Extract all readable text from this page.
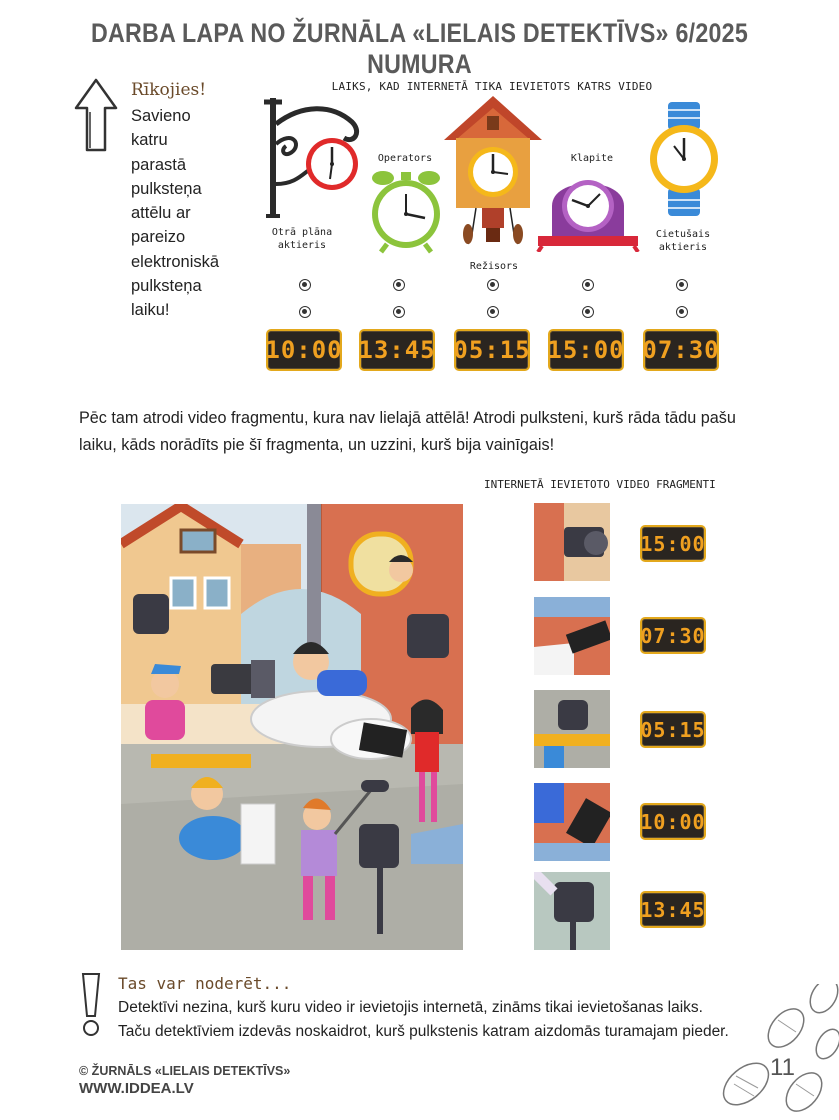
DARBA LAPA NO ŽURNĀLA «LIELAIS DETEKTĪVS» 6/2025 NUMURA
Rīkojies!
Savieno
katru
parastā
pulksteņa
attēlu ar
pareizo
elektroniskā
pulksteņa
laiku!
LAIKS, KAD INTERNETĀ TIKA IEVIETOTS KATRS VIDEO
Otrā plāna
aktieris
Operators
Režisors
Klapite
Cietušais
aktieris
10:00 13:45 05:15 15:00 07:30
Pēc tam atrodi video fragmentu, kura nav lielajā attēlā! Atrodi pulksteni, kurš rāda tādu pašu
laiku, kāds norādīts pie šī fragmenta, un uzzini, kurš bija vainīgais!
INTERNETĀ IEVIETOTO VIDEO FRAGMENTI
15:00
07:30
05:15
10:00
13:45
Tas var noderēt...
Detektīvi nezina, kurš kuru video ir ievietojis internetā, zināms tikai ievietošanas laiks.
Taču detektīviem izdevās noskaidrot, kurš pulkstenis katram aizdomās turamajam pieder.
© ŽURNĀLS «LIELAIS DETEKTĪVS»
WWW.IDDEA.LV
11
